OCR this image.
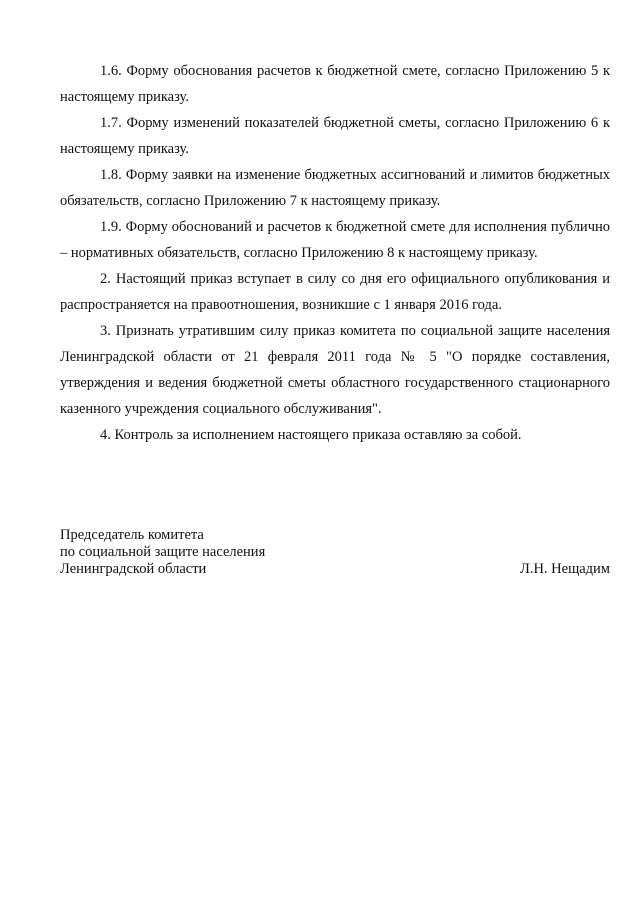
1.6. Форму обоснования расчетов к бюджетной смете, согласно Приложению 5 к настоящему приказу.

1.7. Форму изменений показателей бюджетной сметы, согласно Приложению 6 к настоящему приказу.

1.8. Форму заявки на изменение бюджетных ассигнований и лимитов бюджетных обязательств, согласно Приложению 7 к настоящему приказу.

1.9. Форму обоснований и расчетов к бюджетной смете для исполнения публично – нормативных обязательств, согласно Приложению 8 к настоящему приказу.

2. Настоящий приказ вступает в силу со дня его официального опубликования и распространяется на правоотношения, возникшие с 1 января 2016 года.

3. Признать утратившим силу приказ комитета по социальной защите населения Ленинградской области от 21 февраля 2011 года № 5 "О порядке составления, утверждения и ведения бюджетной сметы областного государственного стационарного казенного учреждения социального обслуживания".

4. Контроль за исполнением настоящего приказа оставляю за собой.

Председатель комитета
по социальной защите населения
Ленинградской области	Л.Н. Нещадим
